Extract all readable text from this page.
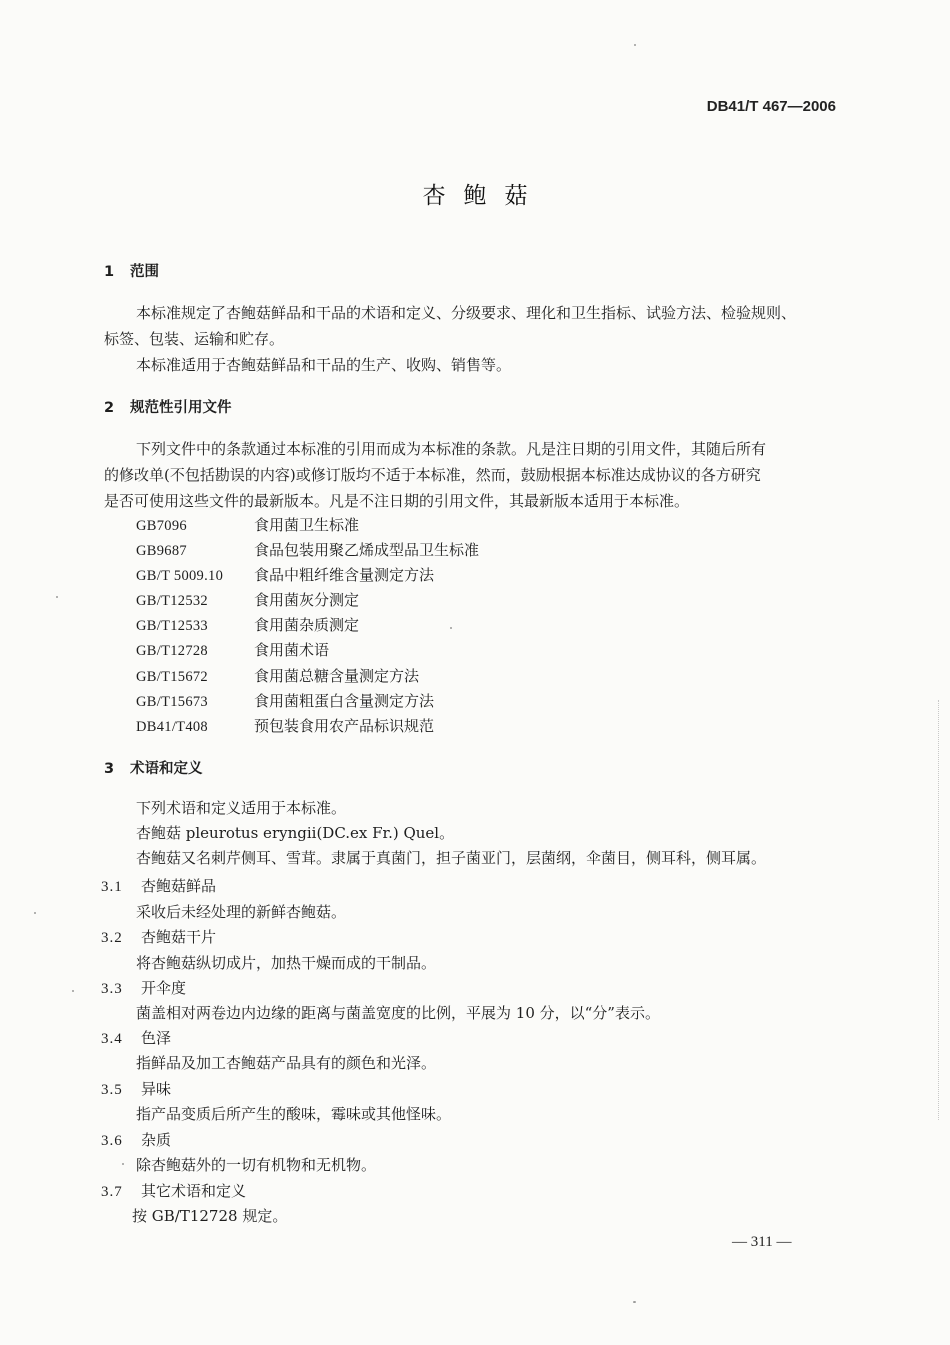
DB41/T 467—2006
杏鲍菇
1 范围
本标准规定了杏鲍菇鲜品和干品的术语和定义、分级要求、理化和卫生指标、试验方法、检验规则、
标签、包装、运输和贮存。
本标准适用于杏鲍菇鲜品和干品的生产、收购、销售等。
2 规范性引用文件
下列文件中的条款通过本标准的引用而成为本标准的条款。凡是注日期的引用文件，其随后所有
的修改单(不包括勘误的内容)或修订版均不适于本标准，然而，鼓励根据本标准达成协议的各方研究
是否可使用这些文件的最新版本。凡是不注日期的引用文件，其最新版本适用于本标准。
GB7096	食用菌卫生标准
GB9687	食品包装用聚乙烯成型品卫生标准
GB/T 5009.10 食品中粗纤维含量测定方法
GB/T12532	食用菌灰分测定
GB/T12533	食用菌杂质测定
GB/T12728	食用菌术语
GB/T15672	食用菌总糖含量测定方法
GB/T15673	食用菌粗蛋白含量测定方法
DB41/T408	预包装食用农产品标识规范
3 术语和定义
下列术语和定义适用于本标准。
杏鲍菇 pleurotus eryngii(DC.ex Fr.) Quel。
杏鲍菇又名刺芹侧耳、雪茸。隶属于真菌门，担子菌亚门，层菌纲，伞菌目，侧耳科，侧耳属。
3.1 杏鲍菇鲜品
采收后未经处理的新鲜杏鲍菇。
3.2 杏鲍菇干片
将杏鲍菇纵切成片，加热干燥而成的干制品。
3.3 开伞度
菌盖相对两卷边内边缘的距离与菌盖宽度的比例，平展为 10 分，以“分”表示。
3.4 色泽
指鲜品及加工杏鲍菇产品具有的颜色和光泽。
3.5 异味
指产品变质后所产生的酸味，霉味或其他怪味。
3.6 杂质
除杏鲍菇外的一切有机物和无机物。
3.7 其它术语和定义
按 GB/T12728 规定。
— 311 —
